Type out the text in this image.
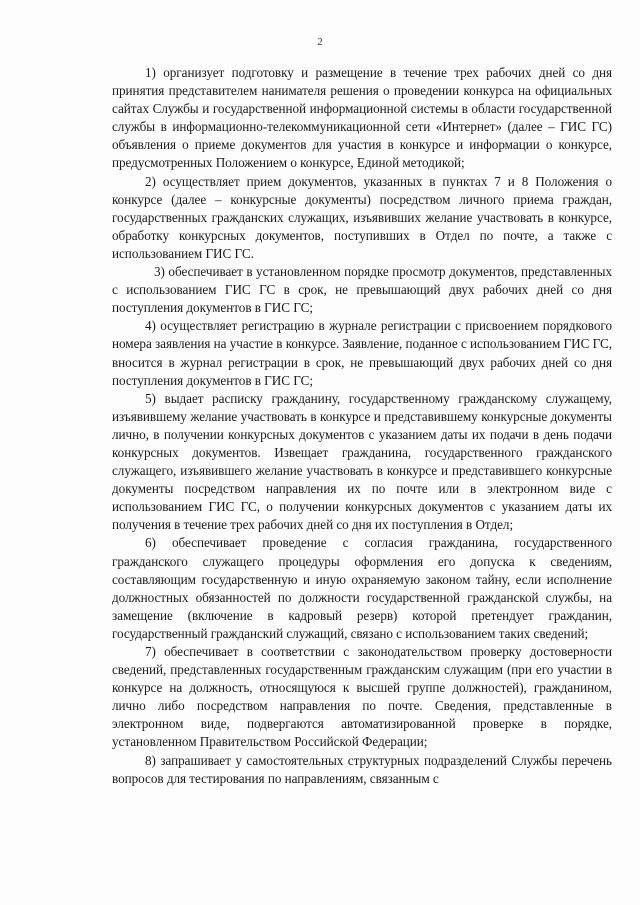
2

1) организует подготовку и размещение в течение трех рабочих дней со дня принятия представителем нанимателя решения о проведении конкурса на официальных сайтах Службы и государственной информационной системы в области государственной службы в информационно-телекоммуникационной сети «Интернет» (далее – ГИС ГС) объявления о приеме документов для участия в конкурсе и информации о конкурсе, предусмотренных Положением о конкурсе, Единой методикой;

2) осуществляет прием документов, указанных в пунктах 7 и 8 Положения о конкурсе (далее – конкурсные документы) посредством личного приема граждан, государственных гражданских служащих, изъявивших желание участвовать в конкурсе, обработку конкурсных документов, поступивших в Отдел по почте, а также с использованием ГИС ГС.

3) обеспечивает в установленном порядке просмотр документов, представленных с использованием ГИС ГС в срок, не превышающий двух рабочих дней со дня поступления документов в ГИС ГС;

4) осуществляет регистрацию в журнале регистрации с присвоением порядкового номера заявления на участие в конкурсе. Заявление, поданное с использованием ГИС ГС, вносится в журнал регистрации в срок, не превышающий двух рабочих дней со дня поступления документов в ГИС ГС;

5) выдает расписку гражданину, государственному гражданскому служащему, изъявившему желание участвовать в конкурсе и представившему конкурсные документы лично, в получении конкурсных документов с указанием даты их подачи в день подачи конкурсных документов. Извещает гражданина, государственного гражданского служащего, изъявившего желание участвовать в конкурсе и представившего конкурсные документы посредством направления их по почте или в электронном виде с использованием ГИС ГС, о получении конкурсных документов с указанием даты их получения в течение трех рабочих дней со дня их поступления в Отдел;

6) обеспечивает проведение с согласия гражданина, государственного гражданского служащего процедуры оформления его допуска к сведениям, составляющим государственную и иную охраняемую законом тайну, если исполнение должностных обязанностей по должности государственной гражданской службы, на замещение (включение в кадровый резерв) которой претендует гражданин, государственный гражданский служащий, связано с использованием таких сведений;

7) обеспечивает в соответствии с законодательством проверку достоверности сведений, представленных государственным гражданским служащим (при его участии в конкурсе на должность, относящуюся к высшей группе должностей), гражданином, лично либо посредством направления по почте. Сведения, представленные в электронном виде, подвергаются автоматизированной проверке в порядке, установленном Правительством Российской Федерации;

8) запрашивает у самостоятельных структурных подразделений Службы перечень вопросов для тестирования по направлениям, связанным с
